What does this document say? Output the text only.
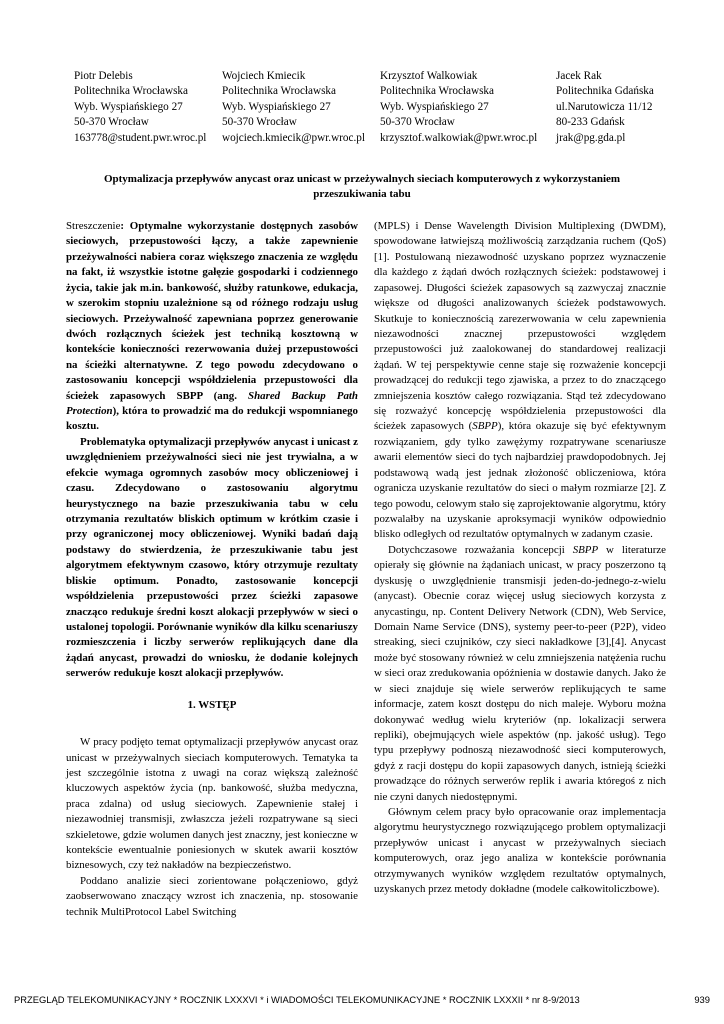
Piotr Delebis
Politechnika Wrocławska
Wyb. Wyspiańskiego 27
50-370 Wrocław
163778@student.pwr.wroc.pl
Wojciech Kmiecik
Politechnika Wrocławska
Wyb. Wyspiańskiego 27
50-370 Wrocław
wojciech.kmiecik@pwr.wroc.pl
Krzysztof Walkowiak
Politechnika Wrocławska
Wyb. Wyspiańskiego 27
50-370 Wrocław
krzysztof.walkowiak@pwr.wroc.pl
Jacek Rak
Politechnika Gdańska
ul.Narutowicza 11/12
80-233 Gdańsk
jrak@pg.gda.pl
Optymalizacja przepływów anycast oraz unicast w przeżywalnych sieciach komputerowych z wykorzystaniem przeszukiwania tabu

Streszczenie: Optymalne wykorzystanie dostępnych zasobów sieciowych, przepustowości łączy, a także zapewnienie przeżywalności nabiera coraz większego znaczenia ze względu na fakt, iż wszystkie istotne gałęzie gospodarki i codziennego życia, takie jak m.in. bankowość, służby ratunkowe, edukacja, w szerokim stopniu uzależnione są od różnego rodzaju usług sieciowych. Przeżywalność zapewniana poprzez generowanie dwóch rozłącznych ścieżek jest techniką kosztowną w kontekście konieczności rezerwowania dużej przepustowości na ścieżki alternatywne. Z tego powodu zdecydowano o zastosowaniu koncepcji współdzielenia przepustowości dla ścieżek zapasowych SBPP (ang. Shared Backup Path Protection), która to prowadzić ma do redukcji wspomnianego kosztu.

Problematyka optymalizacji przepływów anycast i unicast z uwzględnieniem przeżywalności sieci nie jest trywialna, a w efekcie wymaga ogromnych zasobów mocy obliczeniowej i czasu. Zdecydowano o zastosowaniu algorytmu heurystycznego na bazie przeszukiwania tabu w celu otrzymania rezultatów bliskich optimum w krótkim czasie i przy ograniczonej mocy obliczeniowej. Wyniki badań dają podstawy do stwierdzenia, że przeszukiwanie tabu jest algorytmem efektywnym czasowo, który otrzymuje rezultaty bliskie optimum. Ponadto, zastosowanie koncepcji współdzielenia przepustowości przez ścieżki zapasowe znacząco redukuje średni koszt alokacji przepływów w sieci o ustalonej topologii. Porównanie wyników dla kilku scenariuszy rozmieszczenia i liczby serwerów replikujących dane dla żądań anycast, prowadzi do wniosku, że dodanie kolejnych serwerów redukuje koszt alokacji przepływów.

1. WSTĘP

W pracy podjęto temat optymalizacji przepływów anycast oraz unicast w przeżywalnych sieciach komputerowych. Tematyka ta jest szczególnie istotna z uwagi na coraz większą zależność kluczowych aspektów życia (np. bankowość, służba medyczna, praca zdalna) od usług sieciowych. Zapewnienie stałej i niezawodniej transmisji, zwłaszcza jeżeli rozpatrywane są sieci szkieletowe, gdzie wolumen danych jest znaczny, jest konieczne w kontekście ewentualnie poniesionych w skutek awarii kosztów biznesowych, czy też nakładów na bezpieczeństwo.

Poddano analizie sieci zorientowane połączeniowo, gdyż zaobserwowano znaczący wzrost ich znaczenia, np. stosowanie technik MultiProtocol Label Switching

(MPLS) i Dense Wavelength Division Multiplexing (DWDM), spowodowane łatwiejszą możliwością zarządzania ruchem (QoS) [1]. Postulowaną niezawodność uzyskano poprzez wyznaczenie dla każdego z żądań dwóch rozłącznych ścieżek: podstawowej i zapasowej. Długości ścieżek zapasowych są zazwyczaj znacznie większe od długości analizowanych ścieżek podstawowych. Skutkuje to koniecznością zarezerwowania w celu zapewnienia niezawodności znacznej przepustowości względem przepustowości już zaalokowanej do standardowej realizacji żądań. W tej perspektywie cenne staje się rozważenie koncepcji prowadzącej do redukcji tego zjawiska, a przez to do znaczącego zmniejszenia kosztów całego rozwiązania. Stąd też zdecydowano się rozważyć koncepcję współdzielenia przepustowości dla ścieżek zapasowych (SBPP), która okazuje się być efektywnym rozwiązaniem, gdy tylko zawężymy rozpatrywane scenariusze awarii elementów sieci do tych najbardziej prawdopodobnych. Jej podstawową wadą jest jednak złożoność obliczeniowa, która ogranicza uzyskanie rezultatów do sieci o małym rozmiarze [2]. Z tego powodu, celowym stało się zaprojektowanie algorytmu, który pozwalałby na uzyskanie aproksymacji wyników odpowiednio blisko odległych od rezultatów optymalnych w zadanym czasie.

Dotychczasowe rozważania koncepcji SBPP w literaturze opierały się głównie na żądaniach unicast, w pracy poszerzono tą dyskusję o uwzględnienie transmisji jeden-do-jednego-z-wielu (anycast). Obecnie coraz więcej usług sieciowych korzysta z anycastingu, np. Content Delivery Network (CDN), Web Service, Domain Name Service (DNS), systemy peer-to-peer (P2P), video streaking, sieci czujników, czy sieci nakładkowe [3],[4]. Anycast może być stosowany również w celu zmniejszenia natężenia ruchu w sieci oraz zredukowania opóźnienia w dostawie danych. Jako że w sieci znajduje się wiele serwerów replikujących te same informacje, zatem koszt dostępu do nich maleje. Wyboru można dokonywać według wielu kryteriów (np. lokalizacji serwera repliki), obejmujących wiele aspektów (np. jakość usług). Tego typu przepływy podnoszą niezawodność sieci komputerowych, gdyż z racji dostępu do kopii zapasowych danych, istnieją ścieżki prowadzące do różnych serwerów replik i awaria któregoś z nich nie czyni danych niedostępnymi.

Głównym celem pracy było opracowanie oraz implementacja algorytmu heurystycznego rozwiązującego problem optymalizacji przepływów unicast i anycast w przeżywalnych sieciach komputerowych, oraz jego analiza w kontekście porównania otrzymywanych wyników względem rezultatów optymalnych, uzyskanych przez metody dokładne (modele całkowitoliczbowe).

PRZEGLĄD TELEKOMUNIKACYJNY * ROCZNIK LXXXVI * i WIADOMOŚCI TELEKOMUNIKACYJNE * ROCZNIK LXXXII * nr 8-9/2013	939
